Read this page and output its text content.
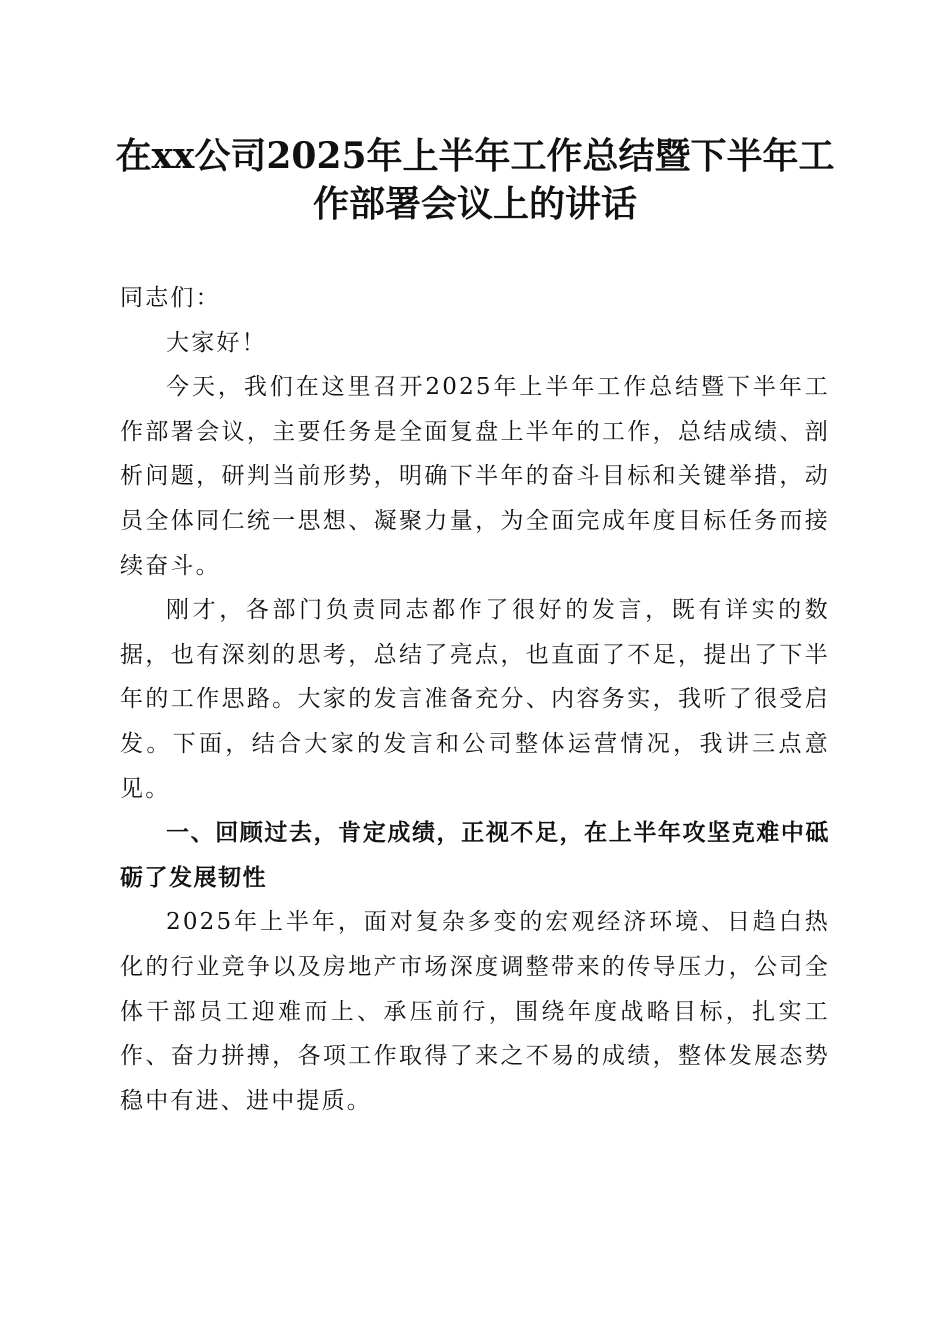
在xx公司2025年上半年工作总结暨下半年工
作部署会议上的讲话

同志们：

大家好！

今天，我们在这里召开2025年上半年工作总结暨下半年工作部署会议，主要任务是全面复盘上半年的工作，总结成绩、剖析问题，研判当前形势，明确下半年的奋斗目标和关键举措，动员全体同仁统一思想、凝聚力量，为全面完成年度目标任务而接续奋斗。

刚才，各部门负责同志都作了很好的发言，既有详实的数据，也有深刻的思考，总结了亮点，也直面了不足，提出了下半年的工作思路。大家的发言准备充分、内容务实，我听了很受启发。下面，结合大家的发言和公司整体运营情况，我讲三点意见。

一、回顾过去，肯定成绩，正视不足，在上半年攻坚克难中砥砺了发展韧性

2025年上半年，面对复杂多变的宏观经济环境、日趋白热化的行业竞争以及房地产市场深度调整带来的传导压力，公司全体干部员工迎难而上、承压前行，围绕年度战略目标，扎实工作、奋力拼搏，各项工作取得了来之不易的成绩，整体发展态势稳中有进、进中提质。
